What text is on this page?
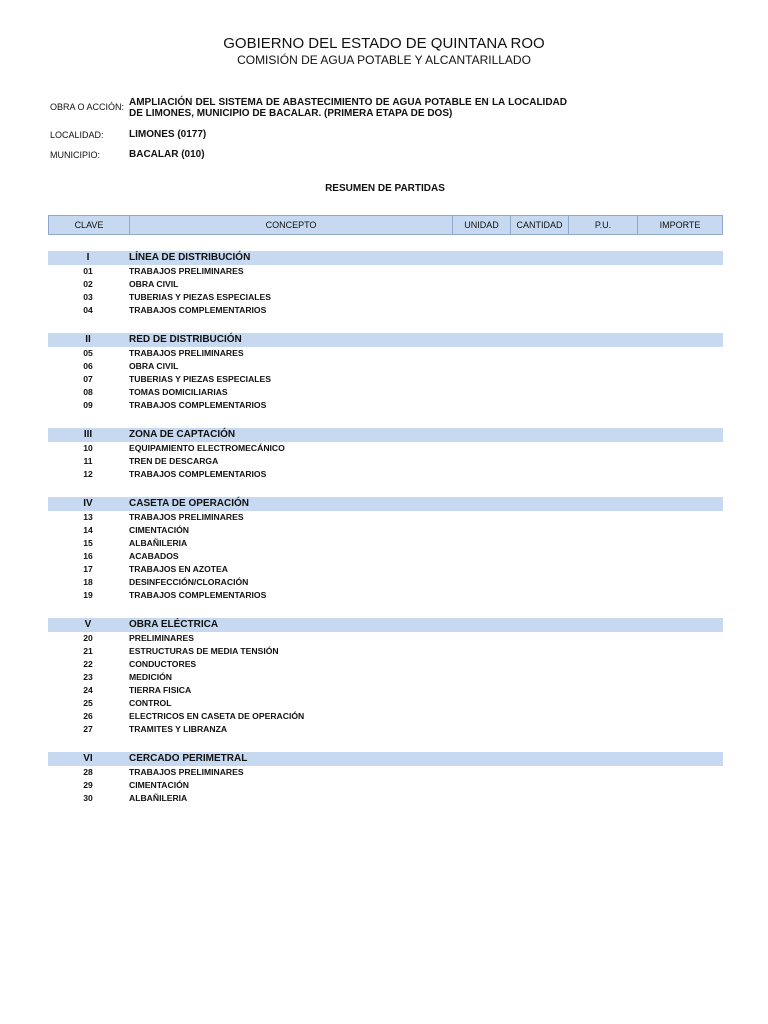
GOBIERNO DEL ESTADO DE QUINTANA ROO
COMISIÓN DE AGUA POTABLE Y ALCANTARILLADO
OBRA O ACCIÓN: AMPLIACIÓN DEL SISTEMA DE ABASTECIMIENTO DE AGUA POTABLE EN LA LOCALIDAD DE LIMONES, MUNICIPIO DE BACALAR. (PRIMERA ETAPA DE DOS)
LOCALIDAD:	LIMONES (0177)
MUNICIPIO:	BACALAR (010)
RESUMEN DE PARTIDAS
CLAVE	CONCEPTO	UNIDAD	CANTIDAD	P.U.	IMPORTE
I	LÍNEA DE DISTRIBUCIÓN
01	TRABAJOS PRELIMINARES
02	OBRA CIVIL
03	TUBERIAS Y PIEZAS ESPECIALES
04	TRABAJOS COMPLEMENTARIOS
II	RED DE DISTRIBUCIÓN
05	TRABAJOS PRELIMINARES
06	OBRA CIVIL
07	TUBERIAS Y PIEZAS ESPECIALES
08	TOMAS DOMICILIARIAS
09	TRABAJOS COMPLEMENTARIOS
III	ZONA DE CAPTACIÓN
10	EQUIPAMIENTO ELECTROMECÁNICO
11	TREN DE DESCARGA
12	TRABAJOS COMPLEMENTARIOS
IV	CASETA DE OPERACIÓN
13	TRABAJOS PRELIMINARES
14	CIMENTACIÓN
15	ALBAÑILERIA
16	ACABADOS
17	TRABAJOS EN AZOTEA
18	DESINFECCIÓN/CLORACIÓN
19	TRABAJOS COMPLEMENTARIOS
V	OBRA ELÉCTRICA
20	PRELIMINARES
21	ESTRUCTURAS DE MEDIA TENSIÓN
22	CONDUCTORES
23	MEDICIÓN
24	TIERRA FISICA
25	CONTROL
26	ELECTRICOS EN CASETA DE OPERACIÓN
27	TRAMITES Y LIBRANZA
VI	CERCADO PERIMETRAL
28	TRABAJOS PRELIMINARES
29	CIMENTACIÓN
30	ALBAÑILERIA
